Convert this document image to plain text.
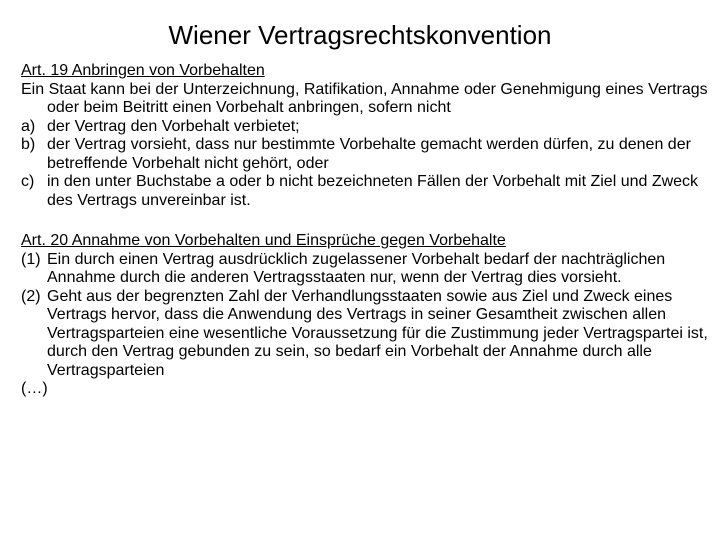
Wiener Vertragsrechtskonvention

Art. 19 Anbringen von Vorbehalten

Ein Staat kann bei der Unterzeichnung, Ratifikation, Annahme oder Genehmigung eines Vertrags oder beim Beitritt einen Vorbehalt anbringen, sofern nicht

a) der Vertrag den Vorbehalt verbietet;
b) der Vertrag vorsieht, dass nur bestimmte Vorbehalte gemacht werden dürfen, zu denen der betreffende Vorbehalt nicht gehört, oder
c) in den unter Buchstabe a oder b nicht bezeichneten Fällen der Vorbehalt mit Ziel und Zweck des Vertrags unvereinbar ist.

Art. 20 Annahme von Vorbehalten und Einsprüche gegen Vorbehalte

(1) Ein durch einen Vertrag ausdrücklich zugelassener Vorbehalt bedarf der nachträglichen Annahme durch die anderen Vertragsstaaten nur, wenn der Vertrag dies vorsieht.
(2) Geht aus der begrenzten Zahl der Verhandlungsstaaten sowie aus Ziel und Zweck eines Vertrags hervor, dass die Anwendung des Vertrags in seiner Gesamtheit zwischen allen Vertragsparteien eine wesentliche Voraussetzung für die Zustimmung jeder Vertragspartei ist, durch den Vertrag gebunden zu sein, so bedarf ein Vorbehalt der Annahme durch alle Vertragsparteien

(…)
